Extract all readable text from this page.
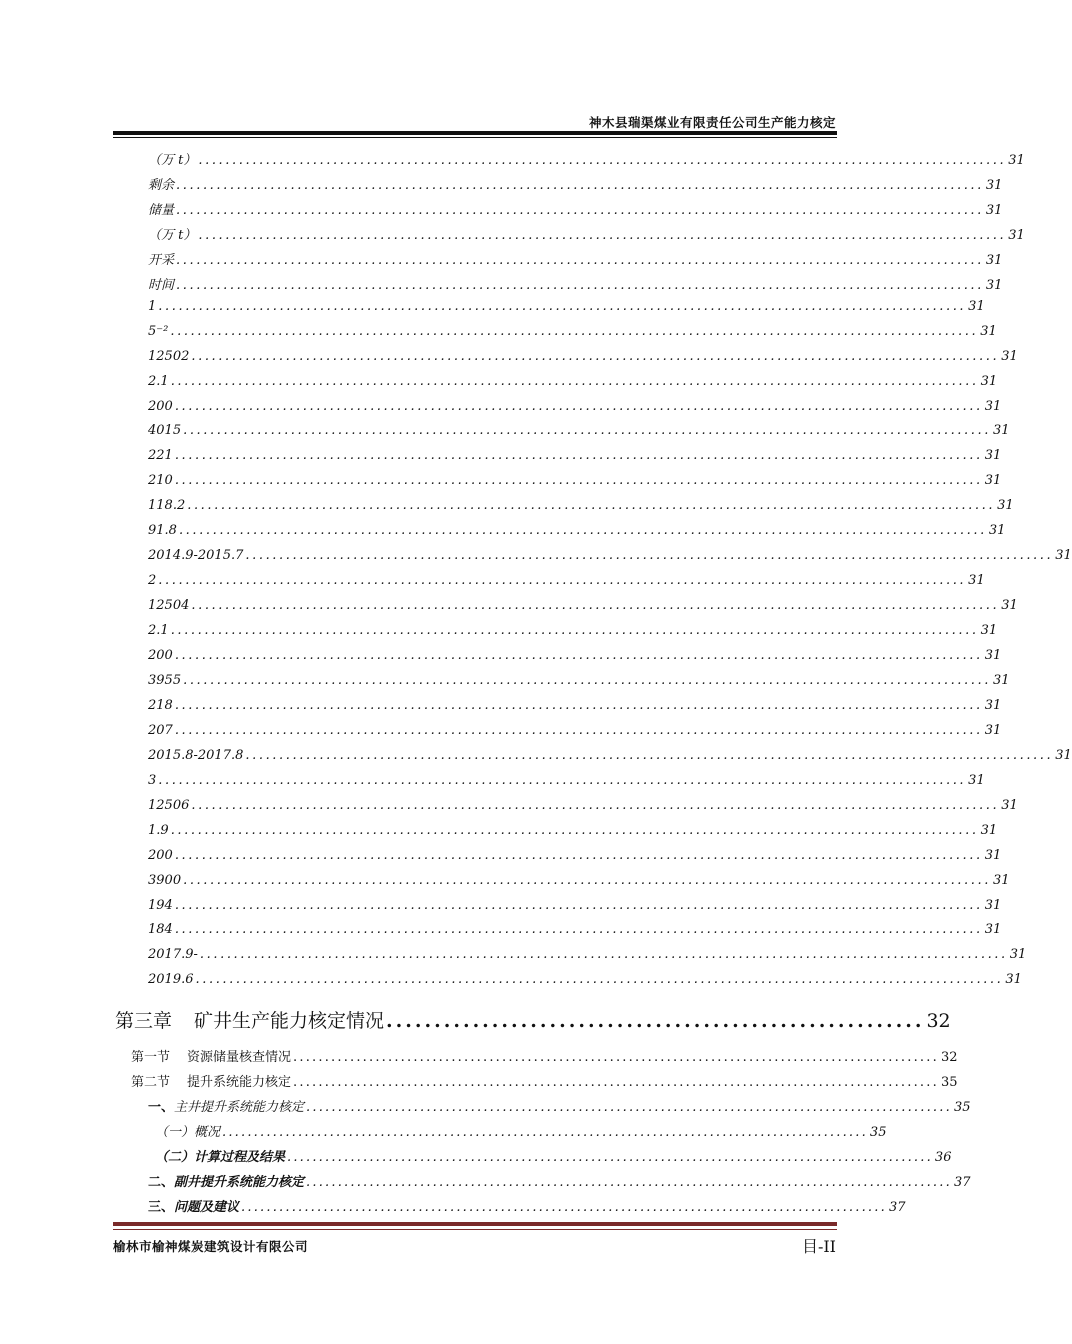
神木县瑞渠煤业有限责任公司生产能力核定
第三章 矿井生产能力核定情况 ........................................................ 32
第一节 资源储量核查情况 ...................................................................................................... 32
第二节 提升系统能力核定 ...................................................................................................... 35
一、主井提升系统能力核定 ...................................................................................................... 35
（一）概况 ...................................................................................................... 35
（二）计算过程及结果 ...................................................................................................... 36
二、副井提升系统能力核定 ...................................................................................................... 37
三、问题及建议 ...................................................................................................... 37
（万 t） ........................................................................................................................ 31
剩余 ........................................................................................................................ 31
储量 ........................................................................................................................ 31
（万 t） ........................................................................................................................ 31
开采 ........................................................................................................................ 31
时间 ........................................................................................................................ 31
1 ........................................................................................................................ 31
5⁻² ........................................................................................................................ 31
12502 ........................................................................................................................ 31
2.1 ........................................................................................................................ 31
200 ........................................................................................................................ 31
4015 ........................................................................................................................ 31
221 ........................................................................................................................ 31
210 ........................................................................................................................ 31
118.2 ........................................................................................................................ 31
91.8 ........................................................................................................................ 31
2014.9-2015.7 ........................................................................................................................ 31
2 ........................................................................................................................ 31
12504 ........................................................................................................................ 31
2.1 ........................................................................................................................ 31
200 ........................................................................................................................ 31
3955 ........................................................................................................................ 31
218 ........................................................................................................................ 31
207 ........................................................................................................................ 31
2015.8-2017.8 ........................................................................................................................ 31
3 ........................................................................................................................ 31
12506 ........................................................................................................................ 31
1.9 ........................................................................................................................ 31
200 ........................................................................................................................ 31
3900 ........................................................................................................................ 31
194 ........................................................................................................................ 31
184 ........................................................................................................................ 31
2017.9- ........................................................................................................................ 31
2019.6 ........................................................................................................................ 31
榆林市榆神煤炭建筑设计有限公司	目-II
